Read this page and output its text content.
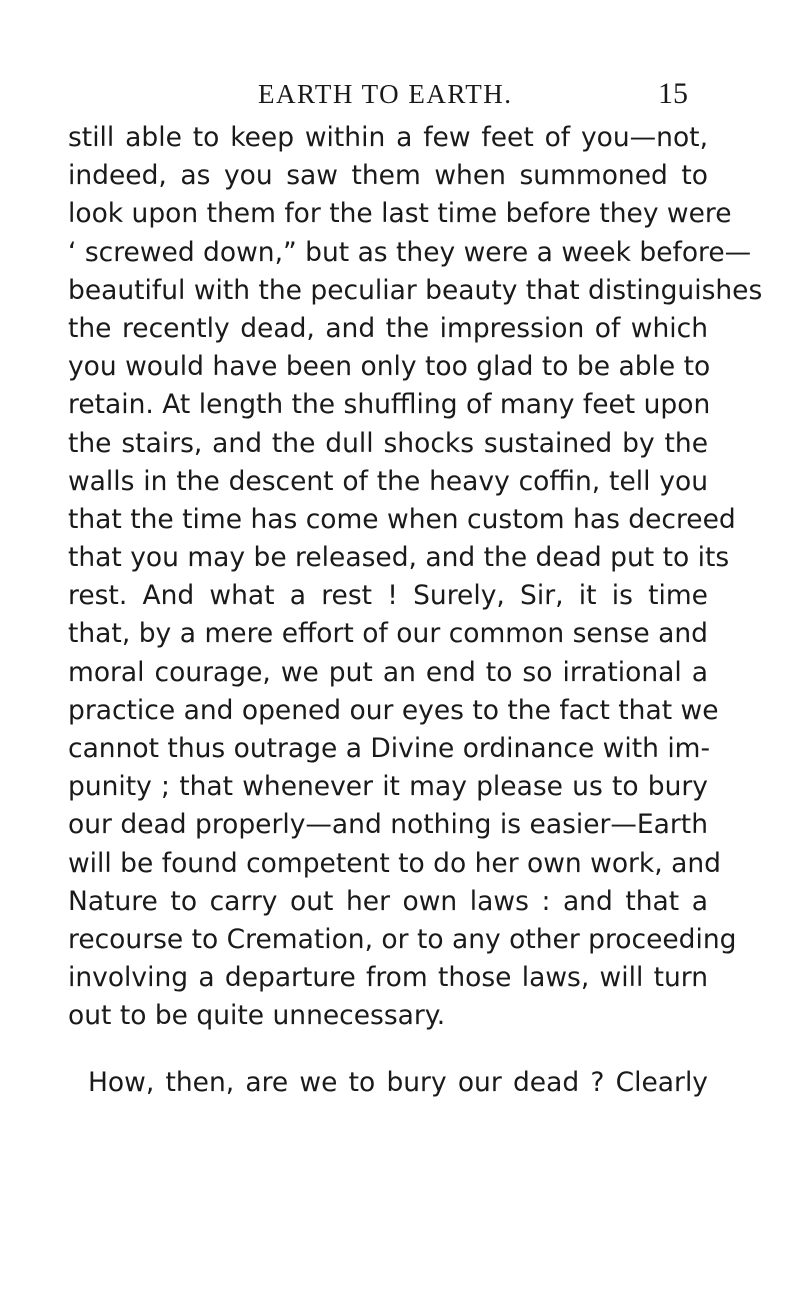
EARTH TO EARTH.	15
still able to keep within a few feet of you—not,
indeed, as you saw them when summoned to
look upon them for the last time before they were
‘ screwed down,” but as they were a week before—
beautiful with the peculiar beauty that distinguishes
the recently dead, and the impression of which
you would have been only too glad to be able to
retain. At length the shuffling of many feet upon
the stairs, and the dull shocks sustained by the
walls in the descent of the heavy coffin, tell you
that the time has come when custom has decreed
that you may be released, and the dead put to its
rest. And what a rest ! Surely, Sir, it is time
that, by a mere effort of our common sense and
moral courage, we put an end to so irrational a
practice and opened our eyes to the fact that we
cannot thus outrage a Divine ordinance with im-
punity ; that whenever it may please us to bury
our dead properly—and nothing is easier—Earth
will be found competent to do her own work, and
Nature to carry out her own laws : and that a
recourse to Cremation, or to any other proceeding
involving a departure from those laws, will turn
out to be quite unnecessary.
How, then, are we to bury our dead ? Clearly
